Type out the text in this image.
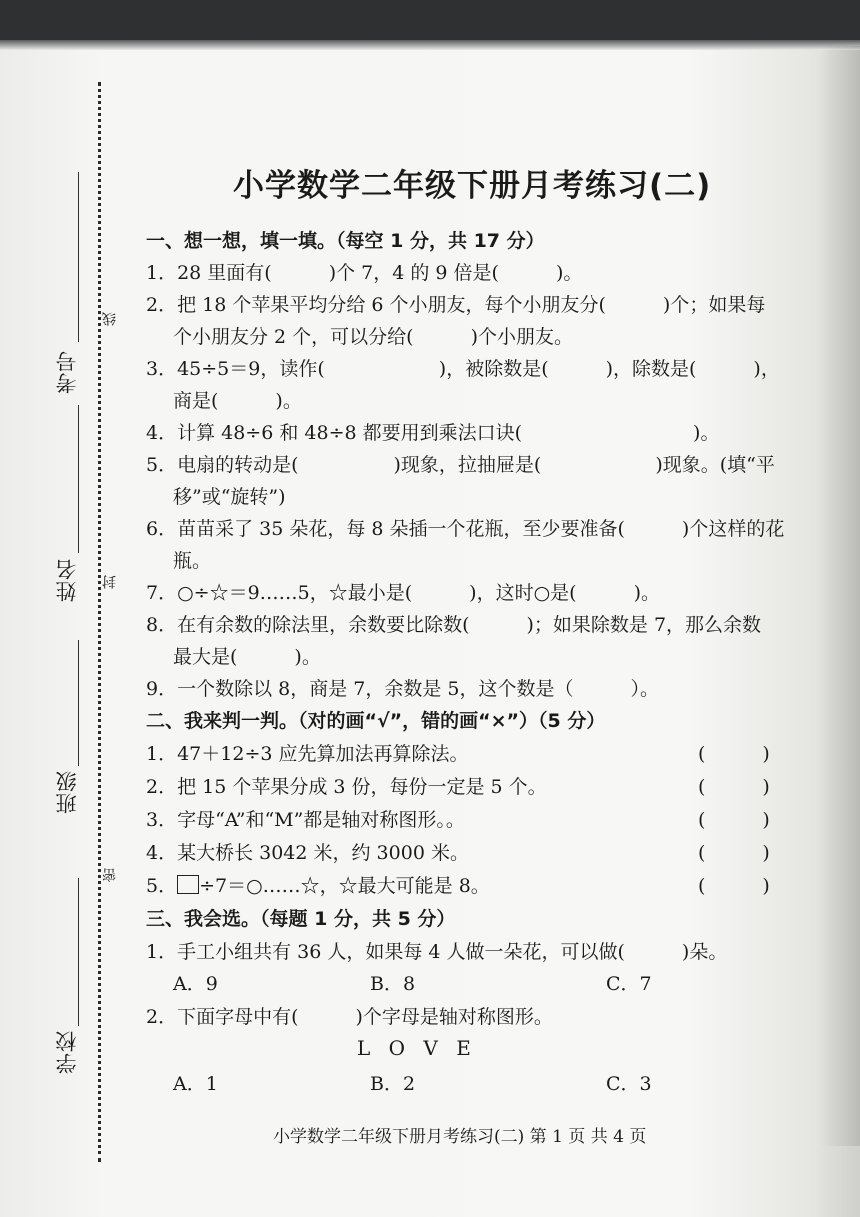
考号
姓名
班级
学校
线
封
密
小学数学二年级下册月考练习(二)
一、想一想，填一填。（每空 1 分，共 17 分）
1．28 里面有(　　　)个 7，4 的 9 倍是(　　　)。
2．把 18 个苹果平均分给 6 个小朋友，每个小朋友分(　　　)个；如果每
个小朋友分 2 个，可以分给(　　　)个小朋友。
3．45÷5＝9，读作(　　　　　　)，被除数是(　　　)，除数是(　　　)，
商是(　　　)。
4．计算 48÷6 和 48÷8 都要用到乘法口诀(　　　　　　　　　)。
5．电扇的转动是(　　　　　)现象，拉抽屉是(　　　　　　)现象。(填“平
移”或“旋转”)
6．苗苗采了 35 朵花，每 8 朵插一个花瓶，至少要准备(　　　)个这样的花
瓶。
7．○÷☆＝9……5，☆最小是(　　　)，这时○是(　　　)。
8．在有余数的除法里，余数要比除数(　　　)；如果除数是 7，那么余数
最大是(　　　)。
9．一个数除以 8，商是 7，余数是 5，这个数是（　　　）。
二、我来判一判。（对的画“√”，错的画“×”）（5 分）
1．47＋12÷3 应先算加法再算除法。	(　　　)
2．把 15 个苹果分成 3 份，每份一定是 5 个。	(　　　)
3．字母“A”和“M”都是轴对称图形。。	(　　　)
4．某大桥长 3042 米，约 3000 米。	(　　　)
5． ÷7＝○……☆，☆最大可能是 8。	(　　　)
三、我会选。（每题 1 分，共 5 分）
1．手工小组共有 36 人，如果每 4 人做一朵花，可以做(　　　)朵。
A．9	B．8	C．7
2．下面字母中有(　　　)个字母是轴对称图形。
L O V E
A．1	B．2	C．3
小学数学二年级下册月考练习(二) 第 1 页 共 4 页
